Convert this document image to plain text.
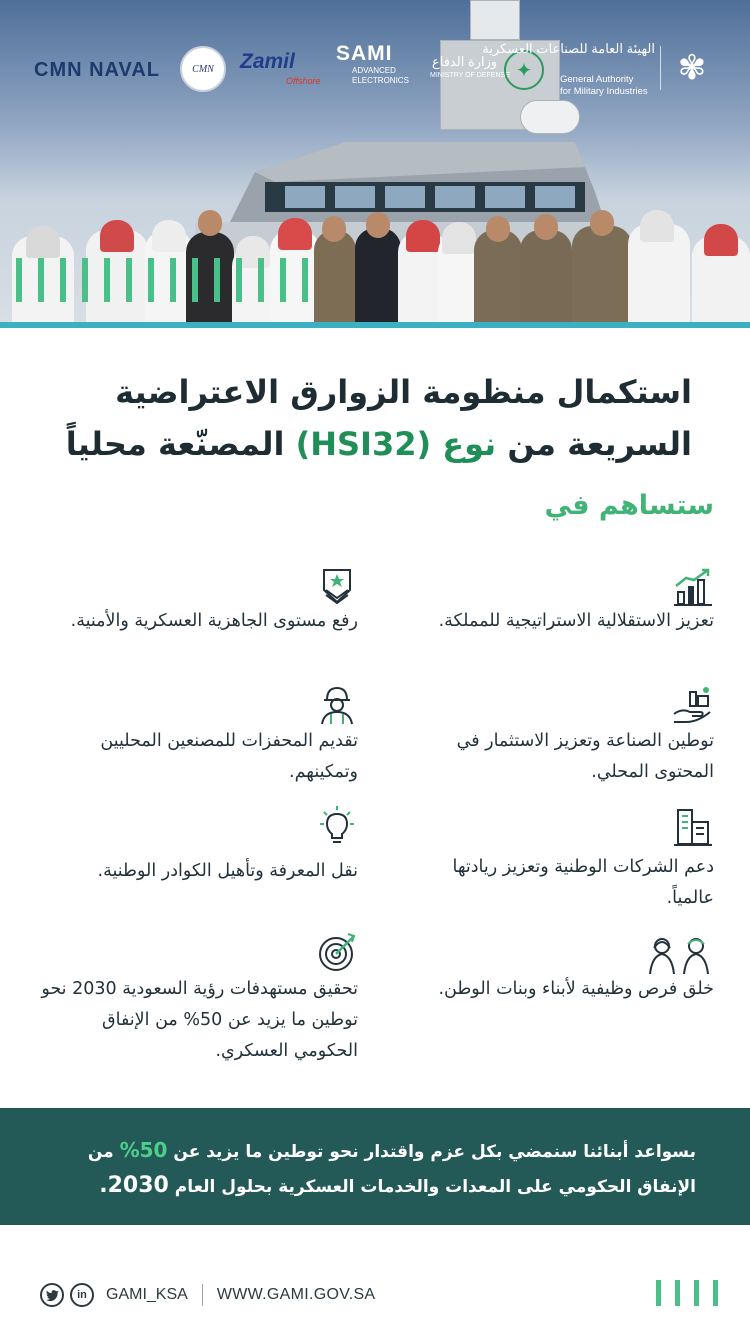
CMN NAVAL	CMN	Zamil
Offshore
SAMI
ADVANCED
ELECTRONICS
وزارة الدفاع
MINISTRY OF DEFENSE ✦
الهيئة العامة للصناعات العسكرية
General Authority
for Military Industries
✾
استكمال منظومة الزوارق الاعتراضية
السريعة من نوع (HSI32) المصنّعة محلياً
ستساهم في
تعزيز الاستقلالية الاستراتيجية للمملكة.
توطين الصناعة وتعزيز الاستثمار في المحتوى المحلي.
دعم الشركات الوطنية وتعزيز ريادتها عالمياً.
خلق فرص وظيفية لأبناء وبنات الوطن.
رفع مستوى الجاهزية العسكرية والأمنية.
تقديم المحفزات للمصنعين المحليين وتمكينهم.
نقل المعرفة وتأهيل الكوادر الوطنية.
تحقيق مستهدفات رؤية السعودية 2030 نحو توطين ما يزيد عن 50% من الإنفاق الحكومي العسكري.
بسواعد أبنائنا سنمضي بكل عزم واقتدار نحو توطين ما يزيد عن 50% من
الإنفاق الحكومي على المعدات والخدمات العسكرية بحلول العام 2030.
in	GAMI_KSA WWW.GAMI.GOV.SA
